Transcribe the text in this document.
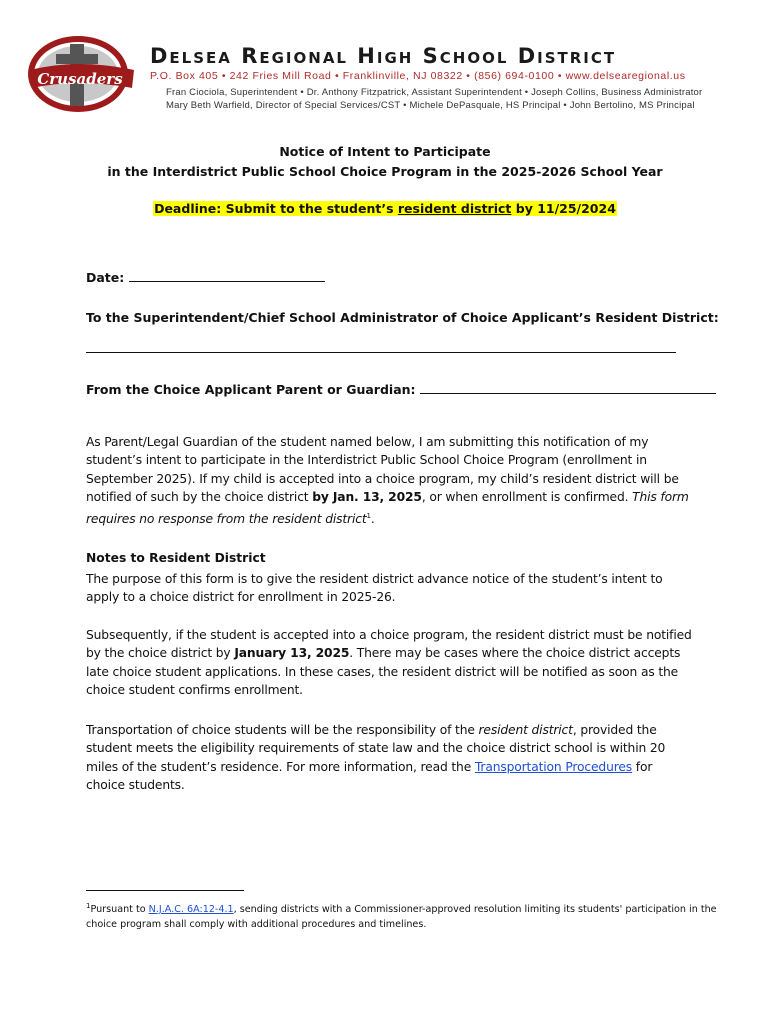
Crusaders
Delsea Regional High School District
P.O. Box 405 • 242 Fries Mill Road • Franklinville, NJ 08322 • (856) 694-0100 • www.delsearegional.us
Fran Ciociola, Superintendent • Dr. Anthony Fitzpatrick, Assistant Superintendent • Joseph Collins, Business Administrator
Mary Beth Warfield, Director of Special Services/CST • Michele DePasquale, HS Principal • John Bertolino, MS Principal
Notice of Intent to Participate
in the Interdistrict Public School Choice Program in the 2025-2026 School Year
Deadline: Submit to the student’s resident district by 11/25/2024
Date:
To the Superintendent/Chief School Administrator of Choice Applicant’s Resident District:
From the Choice Applicant Parent or Guardian:
As Parent/Legal Guardian of the student named below, I am submitting this notification of my student’s intent to participate in the Interdistrict Public School Choice Program (enrollment in September 2025). If my child is accepted into a choice program, my child’s resident district will be notified of such by the choice district by Jan. 13, 2025, or when enrollment is confirmed. This form requires no response from the resident district$^1$.
Notes to Resident District
The purpose of this form is to give the resident district advance notice of the student’s intent to apply to a choice district for enrollment in 2025-26.
Subsequently, if the student is accepted into a choice program, the resident district must be notified by the choice district by January 13, 2025. There may be cases where the choice district accepts late choice student applications. In these cases, the resident district will be notified as soon as the choice student confirms enrollment.
Transportation of choice students will be the responsibility of the resident district, provided the student meets the eligibility requirements of state law and the choice district school is within 20 miles of the student’s residence. For more information, read the Transportation Procedures for choice students.
$^1$Pursuant to N.J.A.C. 6A:12-4.1, sending districts with a Commissioner-approved resolution limiting its students' participation in the choice program shall comply with additional procedures and timelines.
